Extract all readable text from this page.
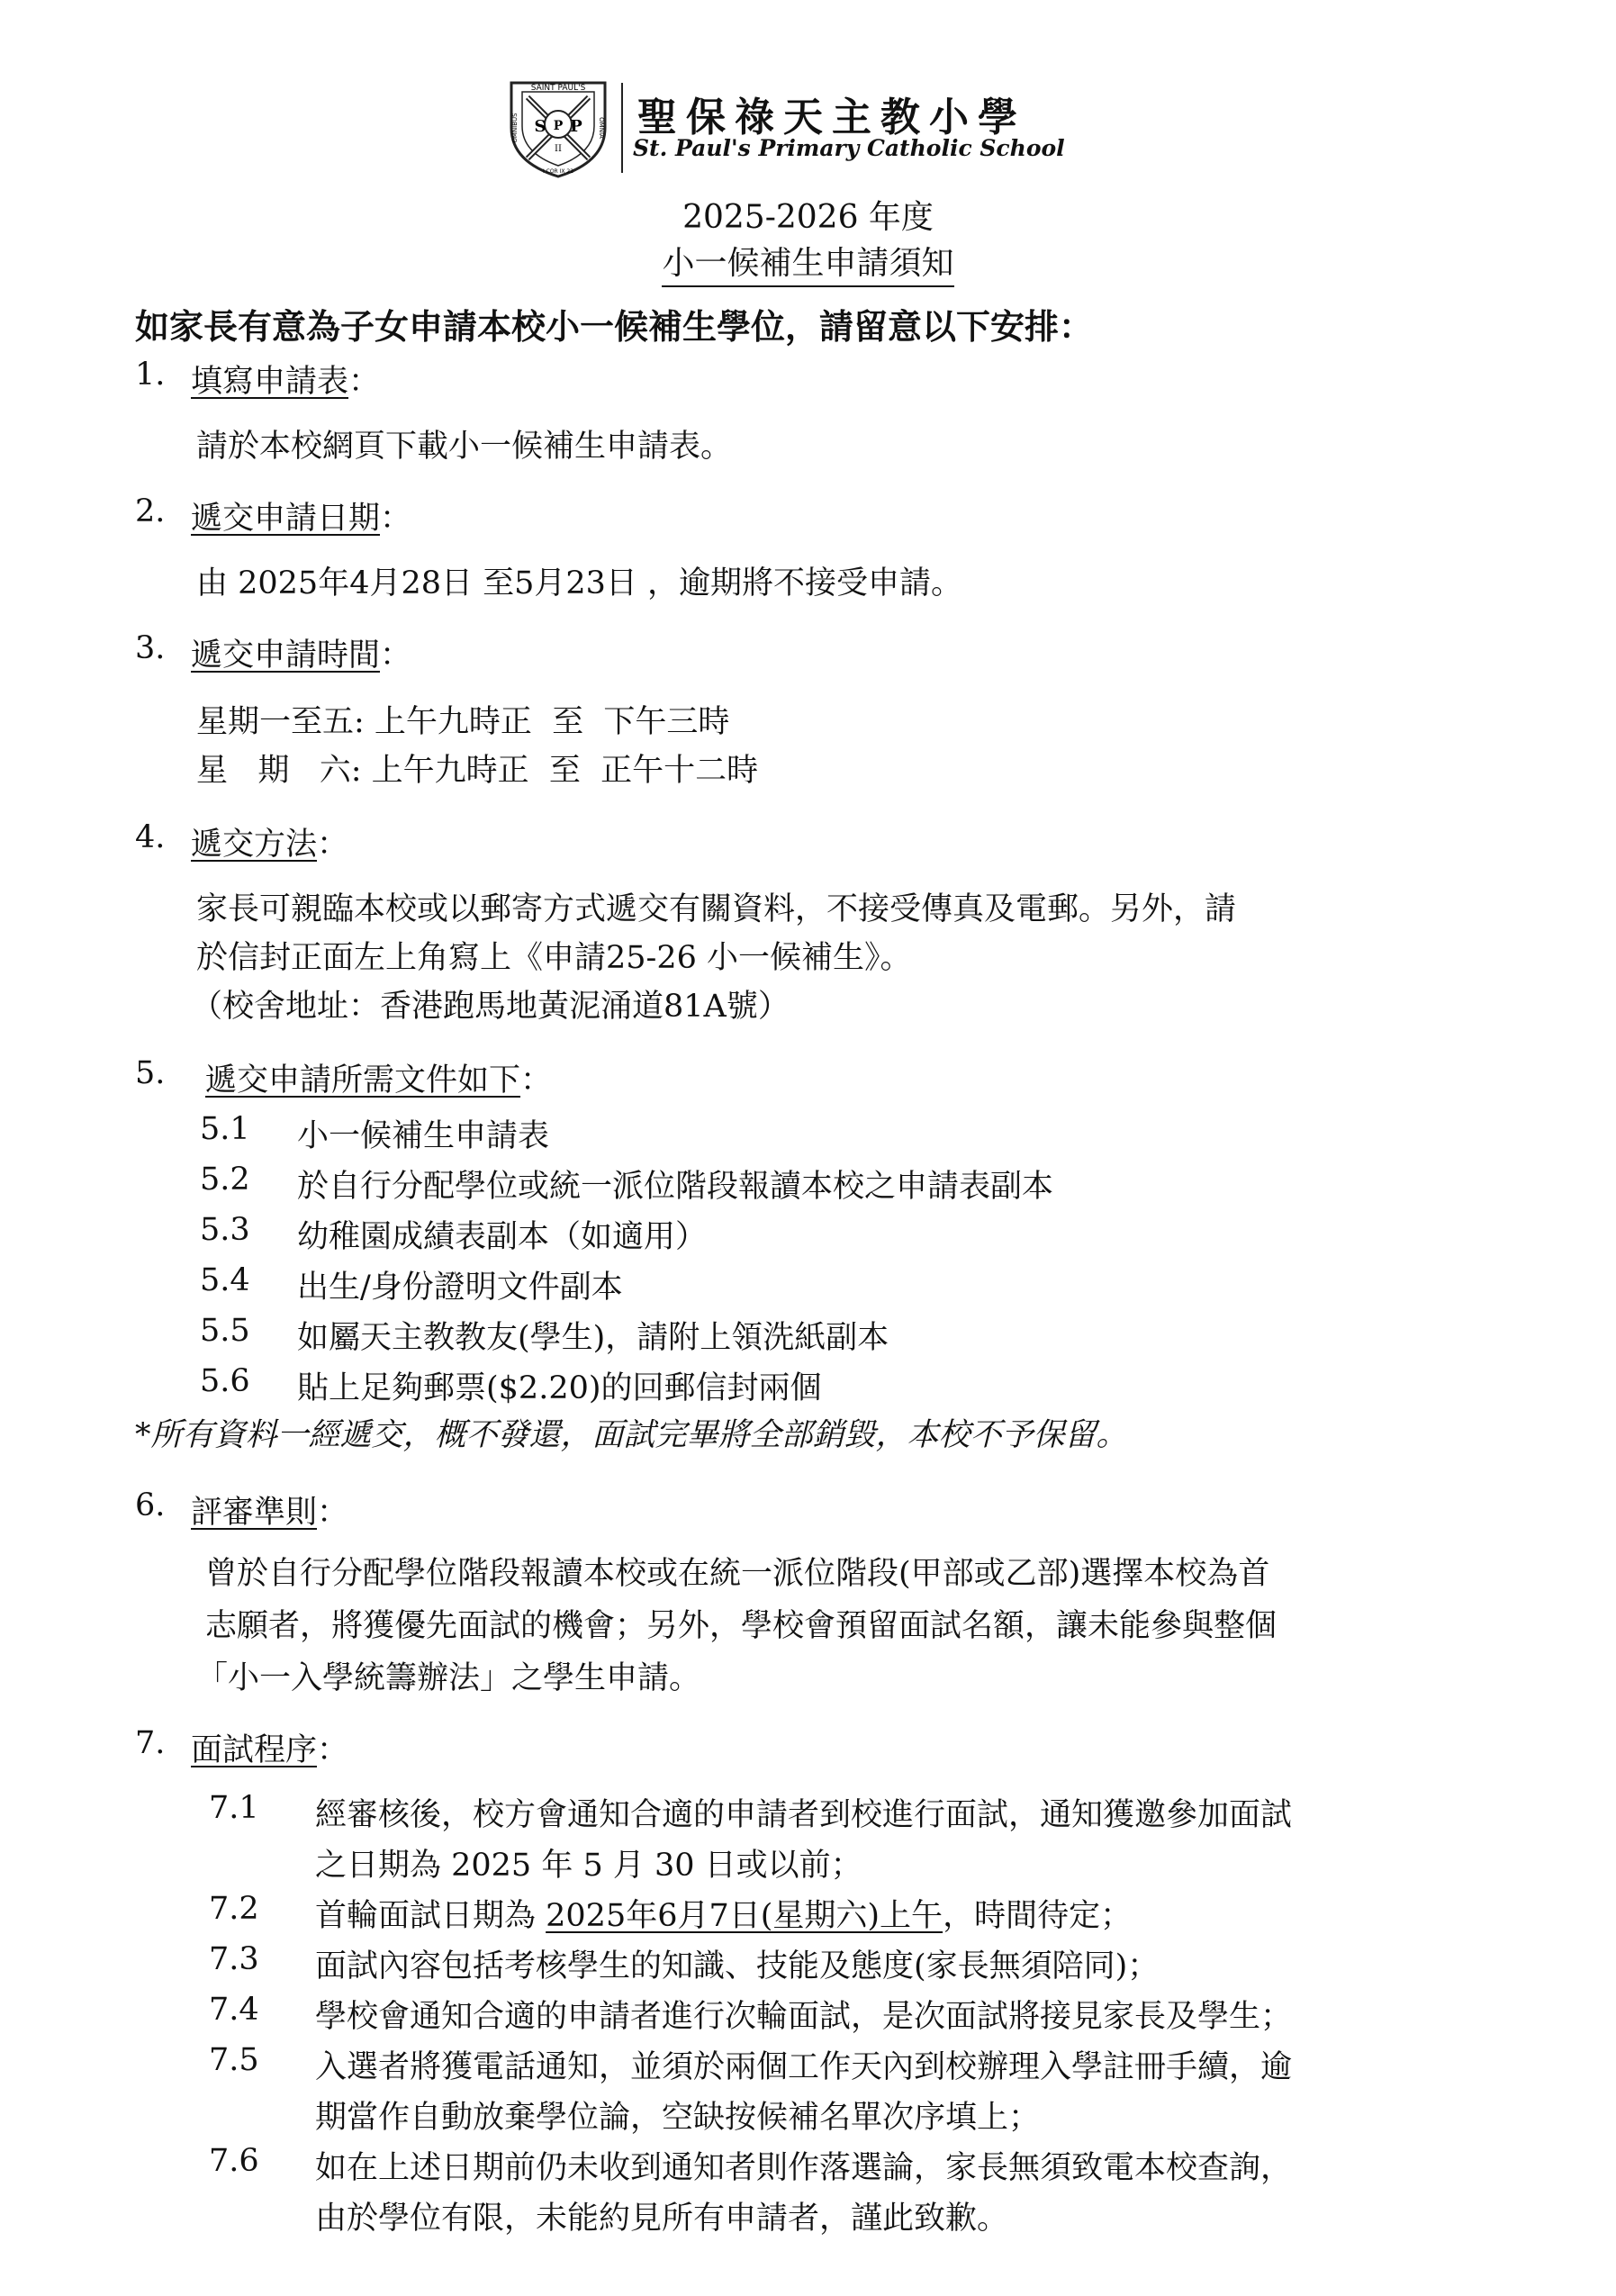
SAINT PAUL'S
OMNIBUS	OMNIA
S P
P
II
I COR IX 22
聖保祿天主教小學
St. Paul's Primary Catholic School
2025-2026 年度
小一候補生申請須知
如家長有意為子女申請本校小一候補生學位，請留意以下安排：
1. 填寫申請表：
請於本校網頁下載小一候補生申請表。
2. 遞交申請日期：
由 2025年4月28日 至5月23日 ，逾期將不接受申請。
3. 遞交申請時間：
星期一至五: 上午九時正  至  下午三時
星   期   六: 上午九時正  至  正午十二時
4. 遞交方法：
家長可親臨本校或以郵寄方式遞交有關資料，不接受傳真及電郵。另外，請
於信封正面左上角寫上《申請25-26 小一候補生》。
（校舍地址：香港跑馬地黃泥涌道81A號）
5. 遞交申請所需文件如下：
5.1 小一候補生申請表
5.2 於自行分配學位或統一派位階段報讀本校之申請表副本
5.3 幼稚園成績表副本（如適用）
5.4 出生/身份證明文件副本
5.5 如屬天主教教友(學生)，請附上領洗紙副本
5.6 貼上足夠郵票($2.20)的回郵信封兩個
*所有資料一經遞交，概不發還，面試完畢將全部銷毀，本校不予保留。
6. 評審準則：
曾於自行分配學位階段報讀本校或在統一派位階段(甲部或乙部)選擇本校為首
志願者，將獲優先面試的機會；另外，學校會預留面試名額，讓未能參與整個
「小一入學統籌辦法」之學生申請。
7. 面試程序：
7.1 經審核後，校方會通知合適的申請者到校進行面試，通知獲邀參加面試
之日期為 2025 年 5 月 30 日或以前；
7.2 首輪面試日期為 2025年6月7日(星期六)上午，時間待定；
7.3 面試內容包括考核學生的知識、技能及態度(家長無須陪同)；
7.4 學校會通知合適的申請者進行次輪面試，是次面試將接見家長及學生；
7.5 入選者將獲電話通知，並須於兩個工作天內到校辦理入學註冊手續，逾
期當作自動放棄學位論，空缺按候補名單次序填上；
7.6 如在上述日期前仍未收到通知者則作落選論，家長無須致電本校查詢，
由於學位有限，未能約見所有申請者，謹此致歉。
